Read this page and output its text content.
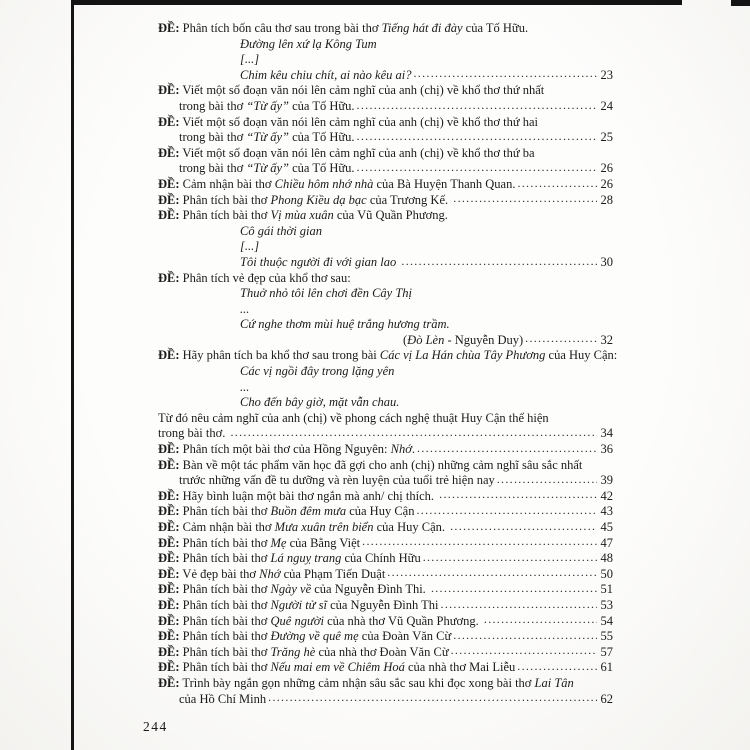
ĐỀ: Phân tích bốn câu thơ sau trong bài thơ Tiếng hát đi đày của Tố Hữu.
Đường lên xứ lạ Kông Tum
[...]
Chim kêu chiu chít, ai nào kêu ai? .....	23
ĐỀ: Viết một số đoạn văn nói lên cảm nghĩ của anh (chị) về khổ thơ thứ nhất
trong bài thơ “Từ ấy” của Tố Hữu. .....	24
ĐỀ: Viết một số đoạn văn nói lên cảm nghĩ của anh (chị) về khổ thơ thứ hai
trong bài thơ “Từ ấy” của Tố Hữu. .....	25
ĐỀ: Viết một số đoạn văn nói lên cảm nghĩ của anh (chị) về khổ thơ thứ ba
trong bài thơ “Từ ấy” của Tố Hữu. .....	26
ĐỀ: Cảm nhận bài thơ Chiều hôm nhớ nhà của Bà Huyện Thanh Quan. .....	26
ĐỀ: Phân tích bài thơ Phong Kiều dạ bạc của Trương Kế. .....	28
ĐỀ: Phân tích bài thơ Vị mùa xuân của Vũ Quần Phương.
Cô gái thời gian
[...]
Tôi thuộc người đi với gian lao .....	30
ĐỀ: Phân tích vẻ đẹp của khổ thơ sau:
Thuở nhỏ tôi lên chơi đền Cây Thị
...
Cứ nghe thơm mùi huệ trắng hương trầm.
(Đò Lèn - Nguyễn Duy) .....	32
ĐỀ: Hãy phân tích ba khổ thơ sau trong bài Các vị La Hán chùa Tây Phương của Huy Cận:
Các vị ngồi đây trong lặng yên
...
Cho đến bây giờ, mặt vẫn chau.
Từ đó nêu cảm nghĩ của anh (chị) về phong cách nghệ thuật Huy Cận thể hiện
trong bài thơ. .....	34
ĐỀ: Phân tích một bài thơ của Hồng Nguyên: Nhớ. .....	36
ĐỀ: Bàn về một tác phẩm văn học đã gợi cho anh (chị) những cảm nghĩ sâu sắc nhất
trước những vấn đề tu dưỡng và rèn luyện của tuổi trẻ hiện nay .....	39
ĐỀ: Hãy bình luận một bài thơ ngắn mà anh/ chị thích. .....	42
ĐỀ: Phân tích bài thơ Buồn đêm mưa của Huy Cận .....	43
ĐỀ: Cảm nhận bài thơ Mưa xuân trên biển của Huy Cận. .....	45
ĐỀ: Phân tích bài thơ Mẹ của Bằng Việt .....	47
ĐỀ: Phân tích bài thơ Lá nguỵ trang của Chính Hữu .....	48
ĐỀ: Vẻ đẹp bài thơ Nhớ của Phạm Tiến Duật .....	50
ĐỀ: Phân tích bài thơ Ngày về của Nguyễn Đình Thi. .....	51
ĐỀ: Phân tích bài thơ Người tử sĩ của Nguyễn Đình Thi .....	53
ĐỀ: Phân tích bài thơ Quê người của nhà thơ Vũ Quần Phương. .....	54
ĐỀ: Phân tích bài thơ Đường về quê mẹ của Đoàn Văn Cừ .....	55
ĐỀ: Phân tích bài thơ Trăng hè của nhà thơ Đoàn Văn Cừ .....	57
ĐỀ: Phân tích bài thơ Nếu mai em về Chiêm Hoá của nhà thơ Mai Liễu .....	61
ĐỀ: Trình bày ngắn gọn những cảm nhận sâu sắc sau khi đọc xong bài thơ Lai Tân
của Hồ Chí Minh .....	62
244
